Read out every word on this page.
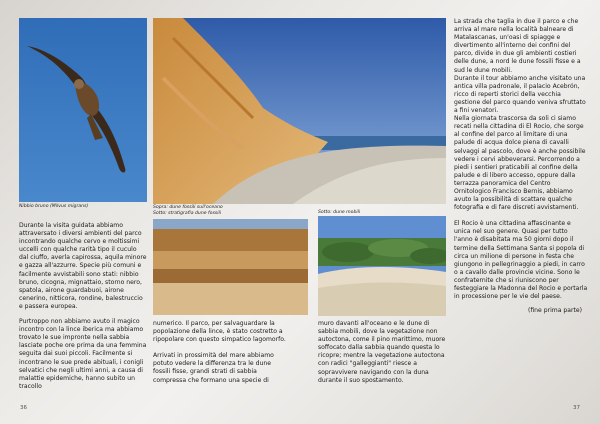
Nibbio bruno (Milvus migrans)	Sopra: dune fossili sull'oceano
Sotto: stratigrafia dune fossili	Sotto: dune mobili

Durante la visita guidata abbiamo attraversato i diversi ambienti del parco incontrando qualche cervo e moltissimi uccelli con qualche rarità tipo il cuculo dal ciuffo, averla capirossa, aquila minore e gazza all'azzurre. Specie più comuni e facilmente avvistabili sono stati: nibbio bruno, cicogna, mignattaio, storno nero, spatola, airone guardabuoi, airone cenerino, nitticora, rondine, balestruccio e passera europea.

Purtroppo non abbiamo avuto il magico incontro con la lince iberica ma abbiamo trovato le sue impronte nella sabbia lasciate poche ore prima da una femmina seguita dai suoi piccoli. Facilmente si incontrano le sue prede abituali, i conigli selvatici che negli ultimi anni, a causa di malattie epidemiche, hanno subito un tracollo

numerico. Il parco, per salvaguardare la popolazione della lince, è stato costretto a ripopolare con questo simpatico lagomorfo.

Arrivati in prossimità del mare abbiamo potuto vedere la differenza tra le dune fossili fisse, grandi strati di sabbia compressa che formano una specie di

muro davanti all'oceano e le dune di sabbia mobili, dove la vegetazione non autoctona, come il pino marittimo, muore soffocato dalla sabbia quando questa lo ricopre; mentre la vegetazione autoctona con radici "galleggianti" riesce a sopravvivere navigando con la duna durante il suo spostamento.

La strada che taglia in due il parco e che arriva al mare nella località balneare di Matalascanas, un'oasi di spiagge e divertimento all'interno dei confini del parco, divide in due gli ambienti costieri delle dune, a nord le dune fossili fisse e a sud le dune mobili.

Durante il tour abbiamo anche visitato una antica villa padronale, il palacio Acebrón, ricco di reperti storici della vecchia gestione del parco quando veniva sfruttato a fini venatori.

Nella giornata trascorsa da soli ci siamo recati nella cittadina di El Rocio, che sorge al confine del parco al limitare di una palude di acqua dolce piena di cavalli selvaggi al pascolo, dove è anche possibile vedere i cervi abbeverarsi. Percorrendo a piedi i sentieri praticabili al confine della palude e di libero accesso, oppure dalla terrazza panoramica del Centro Ornitologico Francisco Bernis, abbiamo avuto la possibilità di scattare qualche fotografia e di fare discreti avvistamenti.

El Rocio è una cittadina affascinante e unica nel suo genere. Quasi per tutto l'anno è disabitata ma 50 giorni dopo il termine della Settimana Santa si popola di circa un milione di persone in festa che giungono in pellegrinaggio a piedi, in carro o a cavallo dalle provincie vicine. Sono le confraternite che si riuniscono per festeggiare la Madonna del Rocio e portarla in processione per le vie del paese.

(fine prima parte)

36	37
